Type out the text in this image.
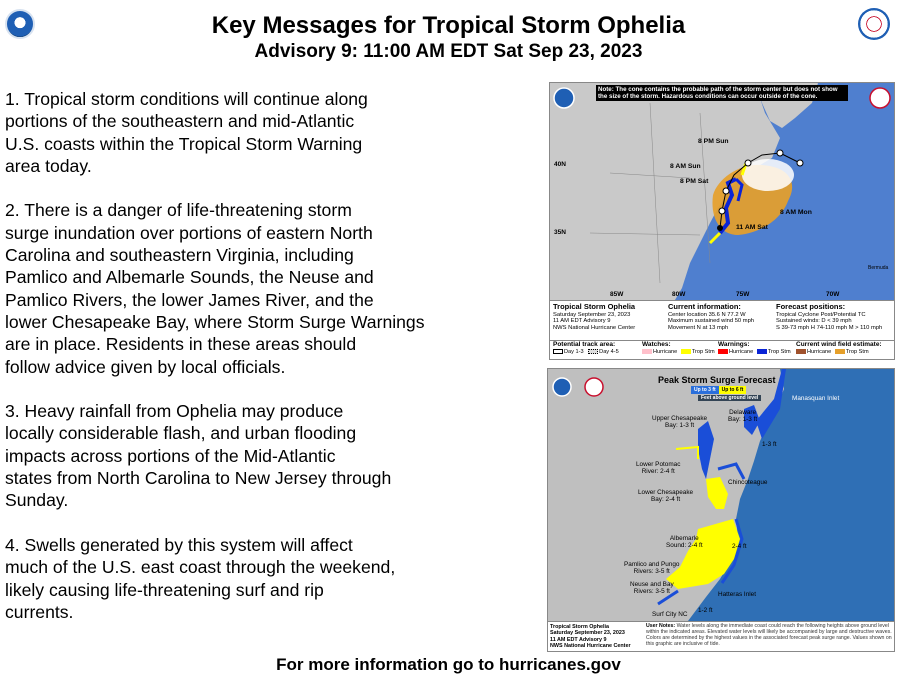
Key Messages for Tropical Storm Ophelia
Advisory 9: 11:00 AM EDT Sat Sep 23, 2023
1. Tropical storm conditions will continue along
portions of the southeastern and mid-Atlantic
U.S. coasts within the Tropical Storm Warning
area today.
2. There is a danger of life-threatening storm
surge inundation over portions of eastern North
Carolina and southeastern Virginia, including
Pamlico and Albemarle Sounds, the Neuse and
Pamlico Rivers, the lower James River, and the
lower Chesapeake Bay, where Storm Surge Warnings
are in place. Residents in these areas should
follow advice given by local officials.
3. Heavy rainfall from Ophelia may produce
locally considerable flash, and urban flooding
impacts across portions of the Mid-Atlantic
states from North Carolina to New Jersey through
Sunday.
4. Swells generated by this system will affect
much of the U.S. east coast through the weekend,
likely causing life-threatening surf and rip
currents.
Note: The cone contains the probable path of the storm center but does not show the size of the storm. Hazardous conditions can occur outside of the cone.
8 PM Sun
8 AM Sun
8 PM Sat
8 AM Mon
11 AM Sat
40N
35N
85W	80W	75W	70W
Bermuda
Tropical Storm Ophelia
Saturday September 23, 2023
11 AM EDT Advisory 9
NWS National Hurricane Center
Current information:
Center location 35.6 N 77.2 W
Maximum sustained wind 50 mph
Movement N at 13 mph
Forecast positions:
Tropical Cyclone Post/Potential TC
Sustained winds: D < 39 mph
S 39-73 mph H 74-110 mph M > 110 mph
Potential track area:
Day 1-3	Day 4-5
Watches:
Hurricane	Trop Stm
Warnings:
Hurricane	Trop Stm
Current wind field estimate:
Hurricane	Trop Stm
Peak Storm Surge Forecast
Up to 3 ft Up to 6 ft
Feet above ground level
Upper Chesapeake
Bay: 1-3 ft
Delaware
Bay: 1-3 ft
1-3 ft
Lower Potomac
River: 2-4 ft
Lower Chesapeake
Bay: 2-4 ft
Chincoteague
Albemarle
Sound: 2-4 ft	2-4 ft
Pamlico and Pungo
Rivers: 3-5 ft
Neuse and Bay
Rivers: 3-5 ft	Hatteras Inlet
1-2 ft
Surf City NC
Manasquan Inlet
Tropical Storm Ophelia
Saturday September 23, 2023
11 AM EDT Advisory 9
NWS National Hurricane Center
User Notes: Water levels along the immediate coast could reach the following heights above ground level within the indicated areas. Elevated water levels will likely be accompanied by large and destructive waves. Colors are determined by the highest values in the associated forecast peak surge range. Values shown on this graphic are inclusive of tide.
For more information go to hurricanes.gov
